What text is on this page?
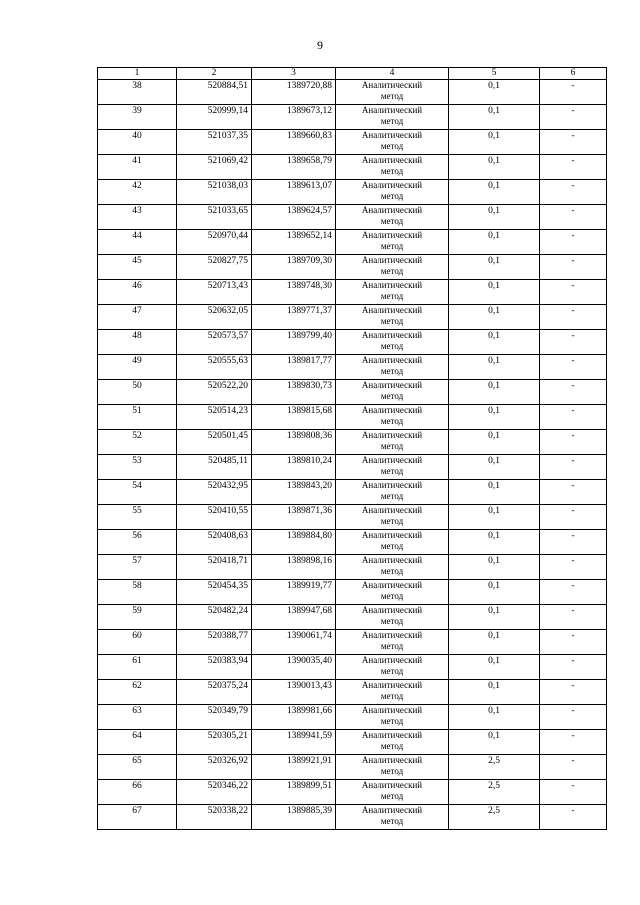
9
1	2	3	4	5	6

38	520884,51	1389720,88	Аналитический
метод	0,1	-

39	520999,14	1389673,12	Аналитический
метод	0,1	-

40	521037,35	1389660,83	Аналитический
метод	0,1	-

41	521069,42	1389658,79	Аналитический
метод	0,1	-

42	521038,03	1389613,07	Аналитический
метод	0,1	-

43	521033,65	1389624,57	Аналитический
метод	0,1	-

44	520970,44	1389652,14	Аналитический
метод	0,1	-

45	520827,75	1389709,30	Аналитический
метод	0,1	-

46	520713,43	1389748,30	Аналитический
метод	0,1	-

47	520632,05	1389771,37	Аналитический
метод	0,1	-

48	520573,57	1389799,40	Аналитический
метод	0,1	-

49	520555,63	1389817,77	Аналитический
метод	0,1	-

50	520522,20	1389830,73	Аналитический
метод	0,1	-

51	520514,23	1389815,68	Аналитический
метод	0,1	-

52	520501,45	1389808,36	Аналитический
метод	0,1	-

53	520485,11	1389810,24	Аналитический
метод	0,1	-

54	520432,95	1389843,20	Аналитический
метод	0,1	-

55	520410,55	1389871,36	Аналитический
метод	0,1	-

56	520408,63	1389884,80	Аналитический
метод	0,1	-

57	520418,71	1389898,16	Аналитический
метод	0,1	-

58	520454,35	1389919,77	Аналитический
метод	0,1	-

59	520482,24	1389947,68	Аналитический
метод	0,1	-

60	520388,77	1390061,74	Аналитический
метод	0,1	-

61	520383,94	1390035,40	Аналитический
метод	0,1	-

62	520375,24	1390013,43	Аналитический
метод	0,1	-

63	520349,79	1389981,66	Аналитический
метод	0,1	-

64	520305,21	1389941,59	Аналитический
метод	0,1	-

65	520326,92	1389921,91	Аналитический
метод	2,5	-

66	520346,22	1389899,51	Аналитический
метод	2,5	-

67	520338,22	1389885,39	Аналитический
метод	2,5	-
